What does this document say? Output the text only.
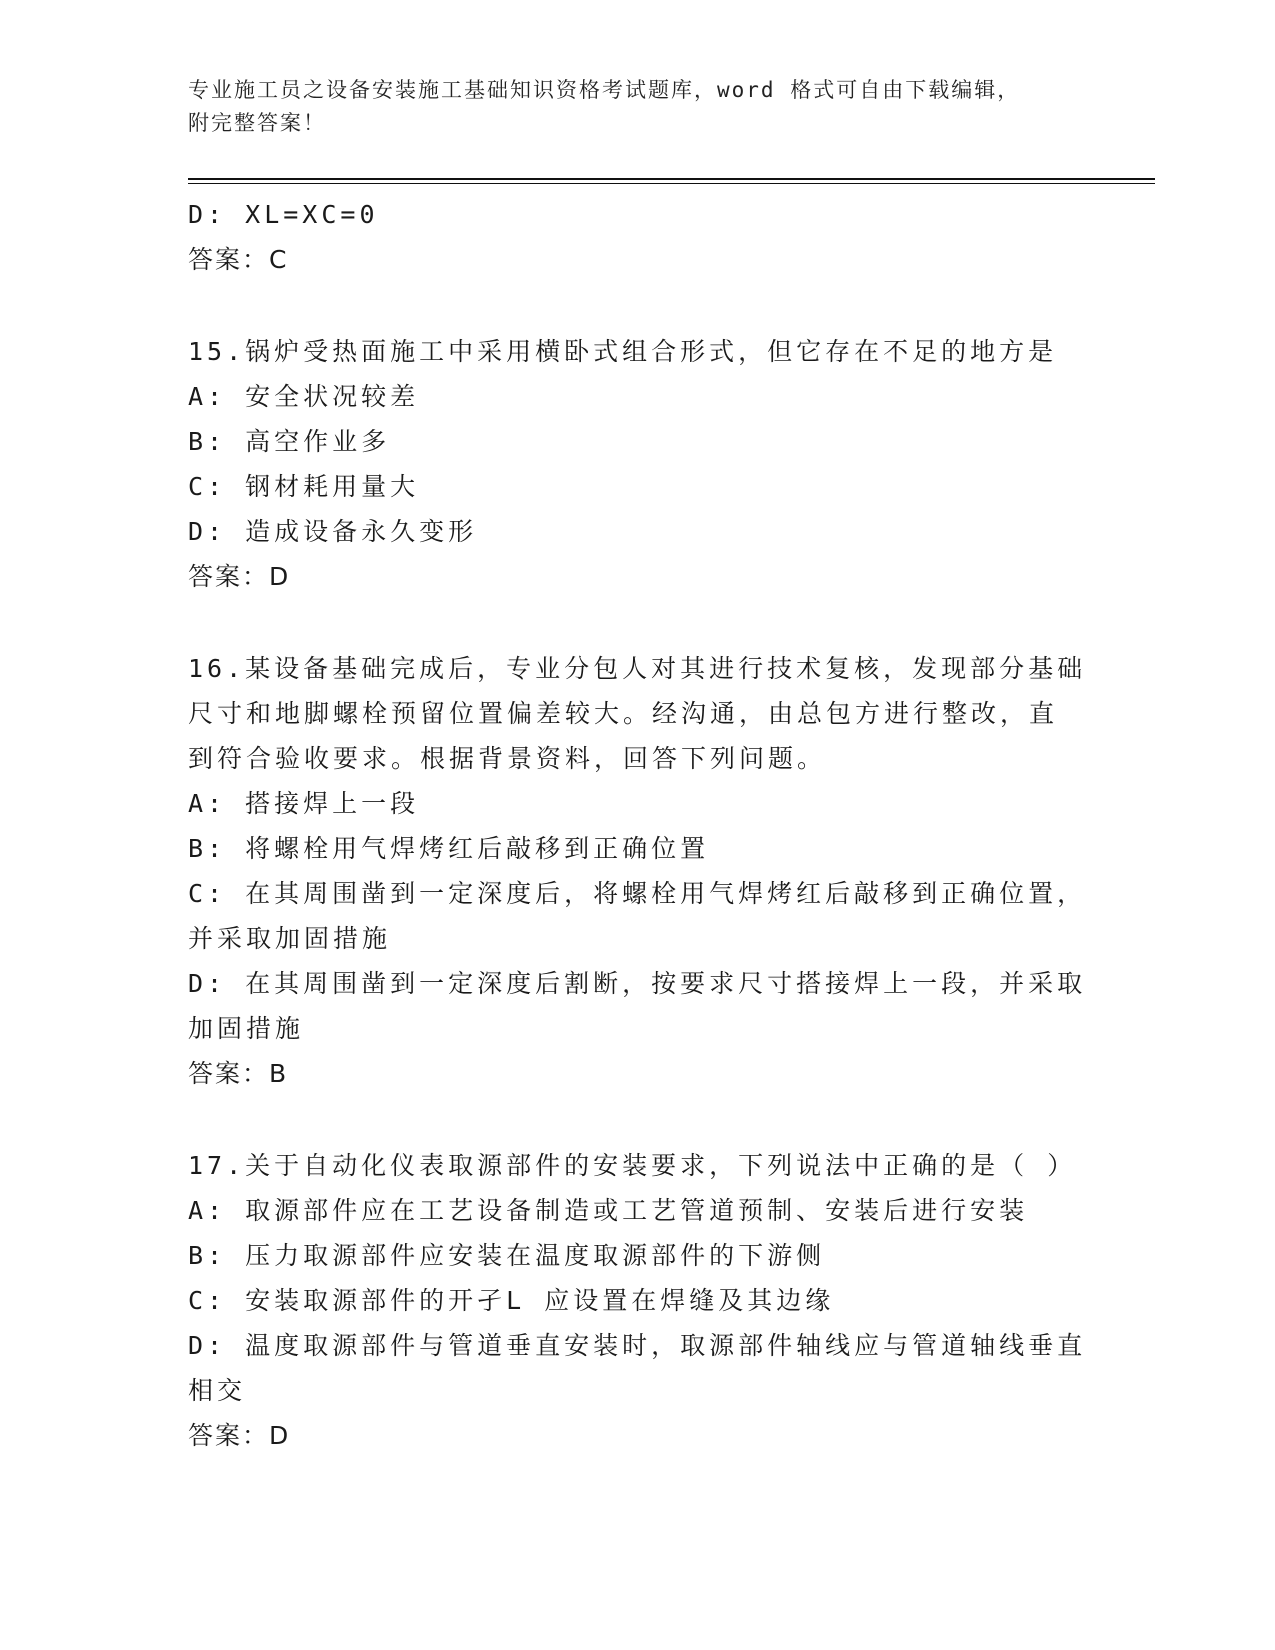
专业施工员之设备安装施工基础知识资格考试题库，word 格式可自由下载编辑，
附完整答案！
D: XL=XC=0
答案：C
15.锅炉受热面施工中采用横卧式组合形式，但它存在不足的地方是
A: 安全状况较差
B: 高空作业多
C: 钢材耗用量大
D: 造成设备永久变形
答案：D
16.某设备基础完成后，专业分包人对其进行技术复核，发现部分基础
尺寸和地脚螺栓预留位置偏差较大。经沟通，由总包方进行整改，直
到符合验收要求。根据背景资料，回答下列问题。
A: 搭接焊上一段
B: 将螺栓用气焊烤红后敲移到正确位置
C: 在其周围凿到一定深度后，将螺栓用气焊烤红后敲移到正确位置，
并采取加固措施
D: 在其周围凿到一定深度后割断，按要求尺寸搭接焊上一段，并采取
加固措施
答案：B
17.关于自动化仪表取源部件的安装要求，下列说法中正确的是（ ）
A: 取源部件应在工艺设备制造或工艺管道预制、安装后进行安装
B: 压力取源部件应安装在温度取源部件的下游侧
C: 安装取源部件的开孑L 应设置在焊缝及其边缘
D: 温度取源部件与管道垂直安装时，取源部件轴线应与管道轴线垂直
相交
答案：D
